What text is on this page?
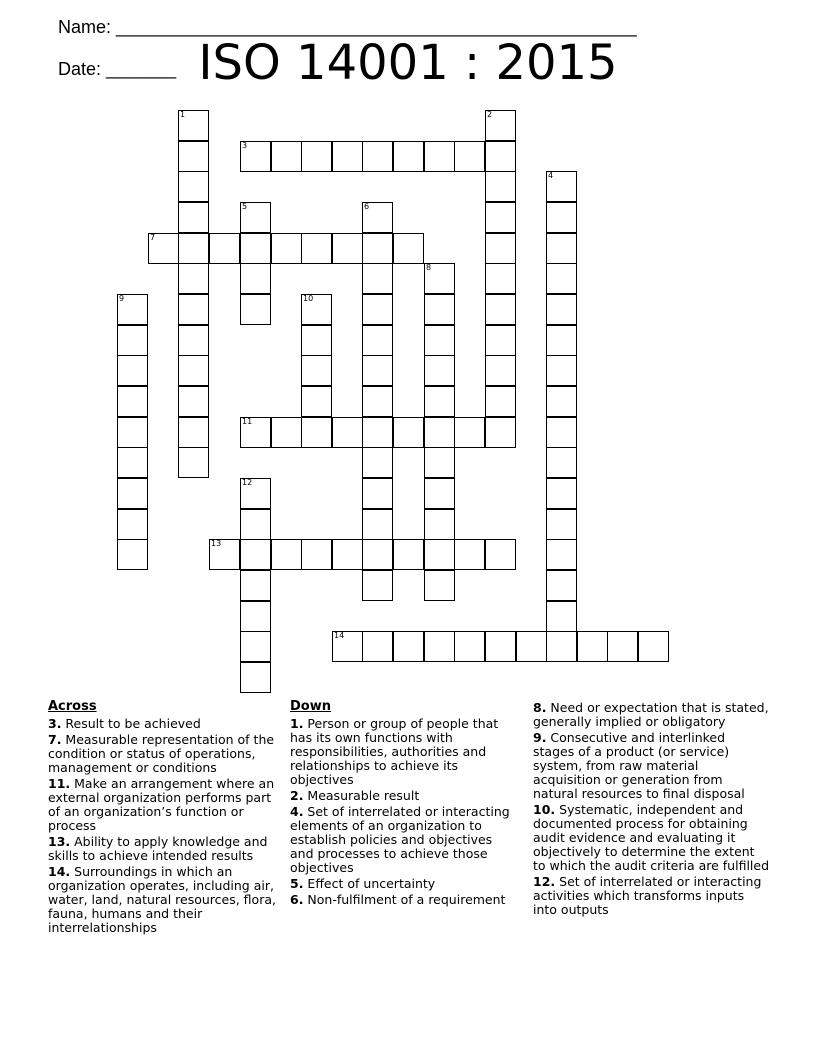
Name: ____________________________________________________

Date: _______ ISO 14001 : 2015
1	2
3
4
5	6
7
8
9	10
11
12
13
14
Across
3. Result to be achieved
7. Measurable representation of the condition or status of operations, management or conditions
11. Make an arrangement where an external organization performs part of an organization’s function or process
13. Ability to apply knowledge and skills to achieve intended results
14. Surroundings in which an organization operates, including air, water, land, natural resources, flora, fauna, humans and their interrelationships
Down
1. Person or group of people that has its own functions with responsibilities, authorities and relationships to achieve its objectives
2. Measurable result
4. Set of interrelated or interacting elements of an organization to establish policies and objectives and processes to achieve those objectives
5. Effect of uncertainty
6. Non-fulfilment of a requirement
8. Need or expectation that is stated, generally implied or obligatory
9. Consecutive and interlinked stages of a product (or service) system, from raw material acquisition or generation from natural resources to final disposal
10. Systematic, independent and documented process for obtaining audit evidence and evaluating it objectively to determine the extent to which the audit criteria are fulfilled
12. Set of interrelated or interacting activities which transforms inputs into outputs
